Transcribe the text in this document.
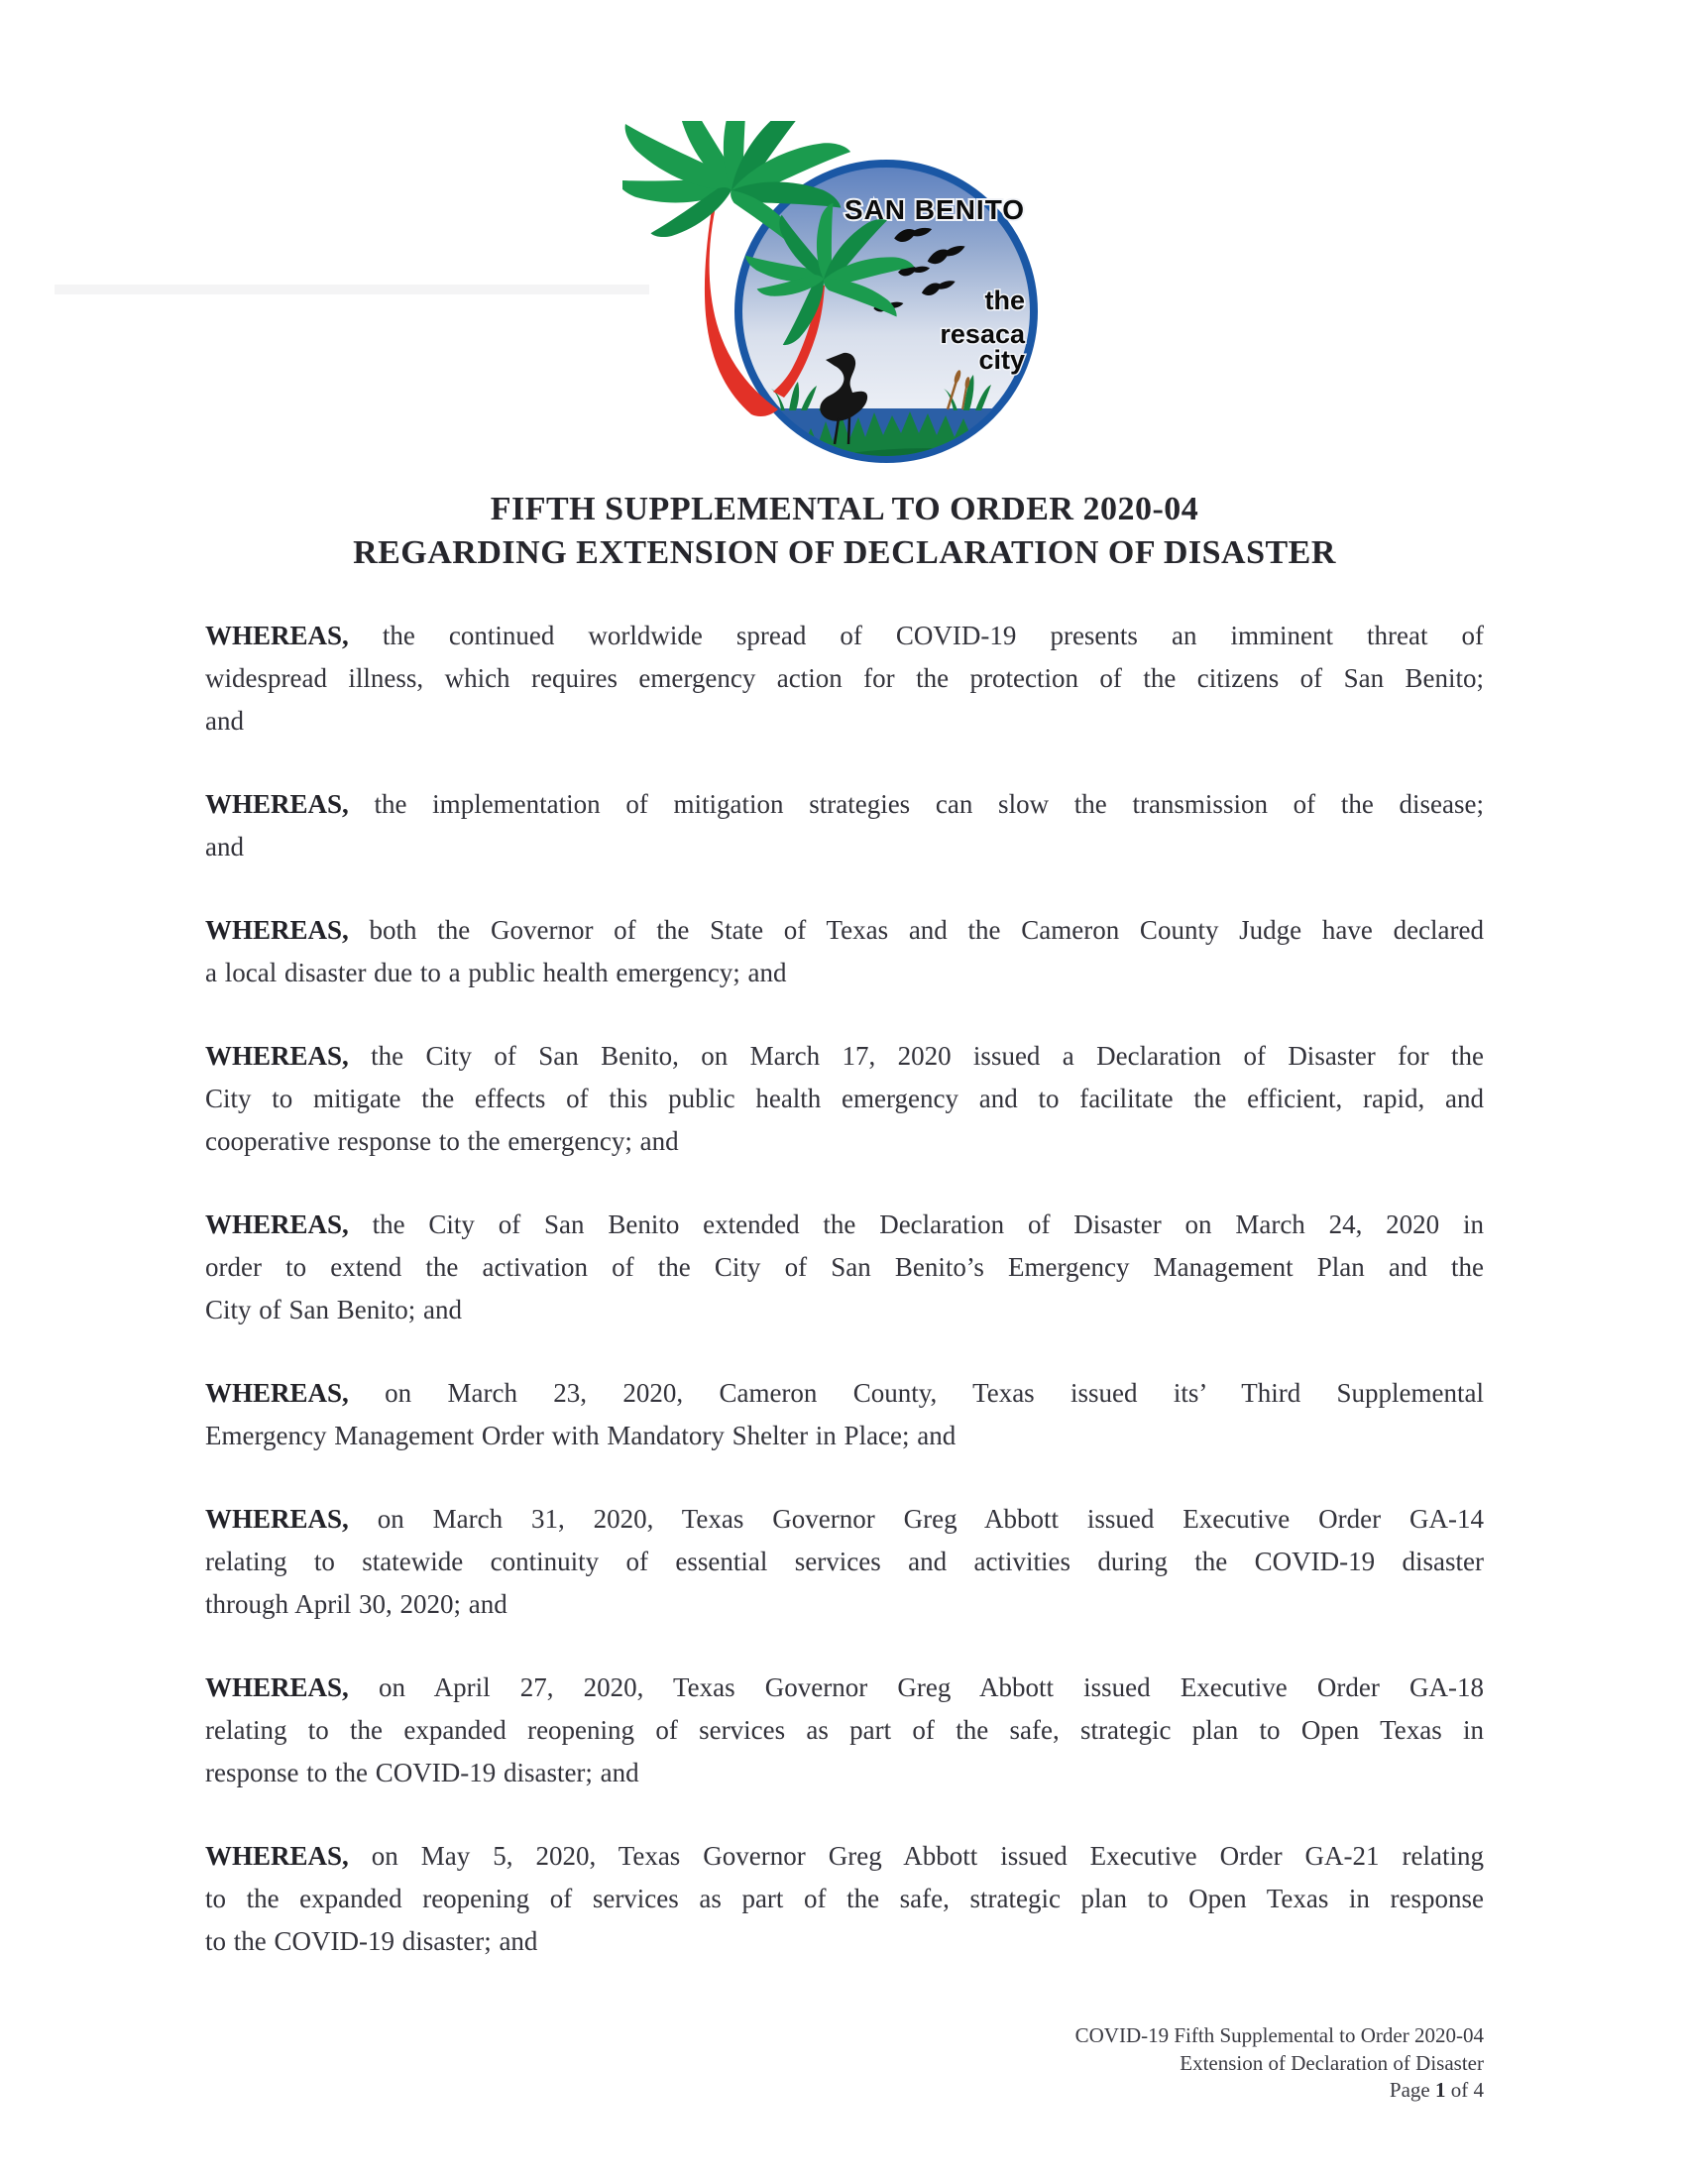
SAN BENITO
the
resaca
city
FIFTH SUPPLEMENTAL TO ORDER 2020-04
REGARDING EXTENSION OF DECLARATION OF DISASTER

WHEREAS, the continued worldwide spread of COVID-19 presents an imminent threat of
widespread illness, which requires emergency action for the protection of the citizens of San Benito;
and

WHEREAS, the implementation of mitigation strategies can slow the transmission of the disease;
and

WHEREAS, both the Governor of the State of Texas and the Cameron County Judge have declared
a local disaster due to a public health emergency; and

WHEREAS, the City of San Benito, on March 17, 2020 issued a Declaration of Disaster for the
City to mitigate the effects of this public health emergency and to facilitate the efficient, rapid, and
cooperative response to the emergency; and

WHEREAS, the City of San Benito extended the Declaration of Disaster on March 24, 2020 in
order to extend the activation of the City of San Benito’s Emergency Management Plan and the
City of San Benito; and

WHEREAS, on March 23, 2020, Cameron County, Texas issued its’ Third Supplemental
Emergency Management Order with Mandatory Shelter in Place; and

WHEREAS, on March 31, 2020, Texas Governor Greg Abbott issued Executive Order GA-14
relating to statewide continuity of essential services and activities during the COVID-19 disaster
through April 30, 2020; and

WHEREAS, on April 27, 2020, Texas Governor Greg Abbott issued Executive Order GA-18
relating to the expanded reopening of services as part of the safe, strategic plan to Open Texas in
response to the COVID-19 disaster; and

WHEREAS, on May 5, 2020, Texas Governor Greg Abbott issued Executive Order GA-21 relating
to the expanded reopening of services as part of the safe, strategic plan to Open Texas in response
to the COVID-19 disaster; and

COVID-19 Fifth Supplemental to Order 2020-04
Extension of Declaration of Disaster
Page 1 of 4
